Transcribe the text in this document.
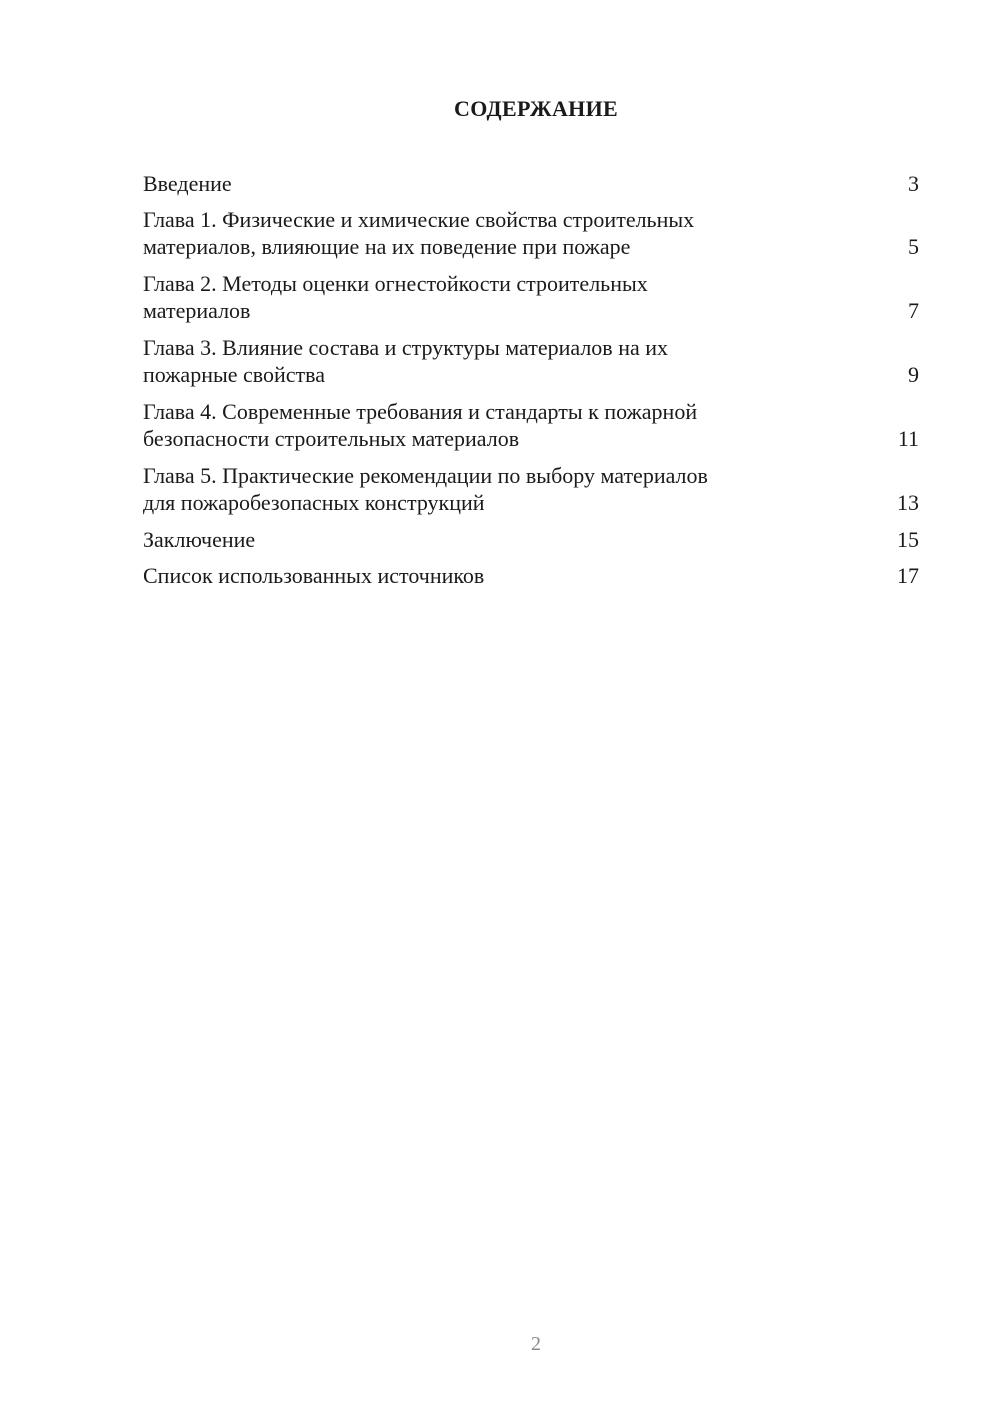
СОДЕРЖАНИЕ
Введение	3
Глава 1. Физические и химические свойства строительных
материалов, влияющие на их поведение при пожаре	5
Глава 2. Методы оценки огнестойкости строительных
материалов	7
Глава 3. Влияние состава и структуры материалов на их
пожарные свойства	9
Глава 4. Современные требования и стандарты к пожарной
безопасности строительных материалов	11
Глава 5. Практические рекомендации по выбору материалов
для пожаробезопасных конструкций	13
Заключение	15
Список использованных источников	17
2
